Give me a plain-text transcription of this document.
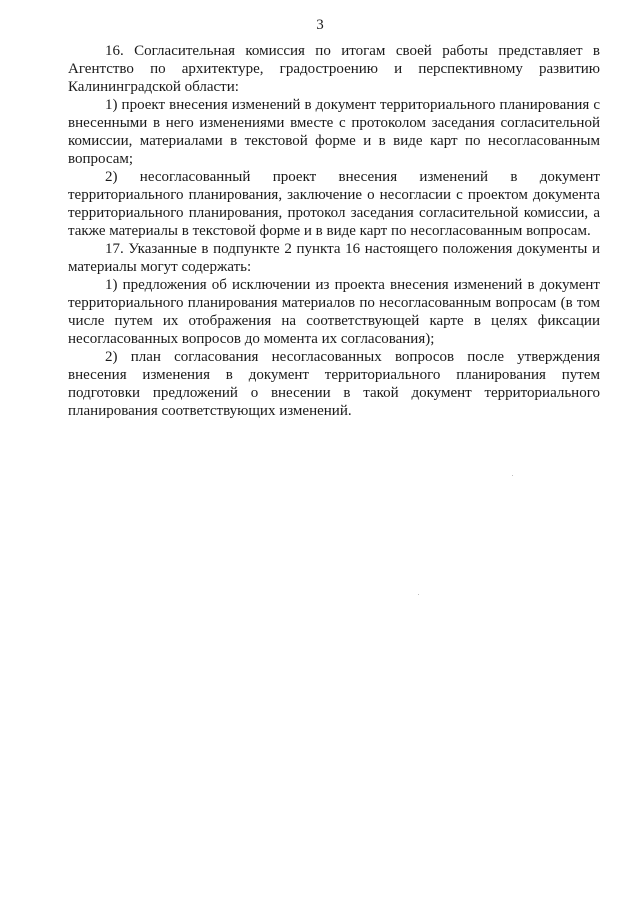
3

16. Согласительная комиссия по итогам своей работы представляет в Агентство по архитектуре, градостроению и перспективному развитию Калининградской области:

1) проект внесения изменений в документ территориального планирования с внесенными в него изменениями вместе с протоколом заседания согласительной комиссии, материалами в текстовой форме и в виде карт по несогласованным вопросам;

2) несогласованный проект внесения изменений в документ территориального планирования, заключение о несогласии с проектом документа территориального планирования, протокол заседания согласительной комиссии, а также материалы в текстовой форме и в виде карт по несогласованным вопросам.

17. Указанные в подпункте 2 пункта 16 настоящего положения документы и материалы могут содержать:

1) предложения об исключении из проекта внесения изменений в документ территориального планирования материалов по несогласованным вопросам (в том числе путем их отображения на соответствующей карте в целях фиксации несогласованных вопросов до момента их согласования);

2) план согласования несогласованных вопросов после утверждения внесения изменения в документ территориального планирования путем подготовки предложений о внесении в такой документ территориального планирования соответствующих изменений.
